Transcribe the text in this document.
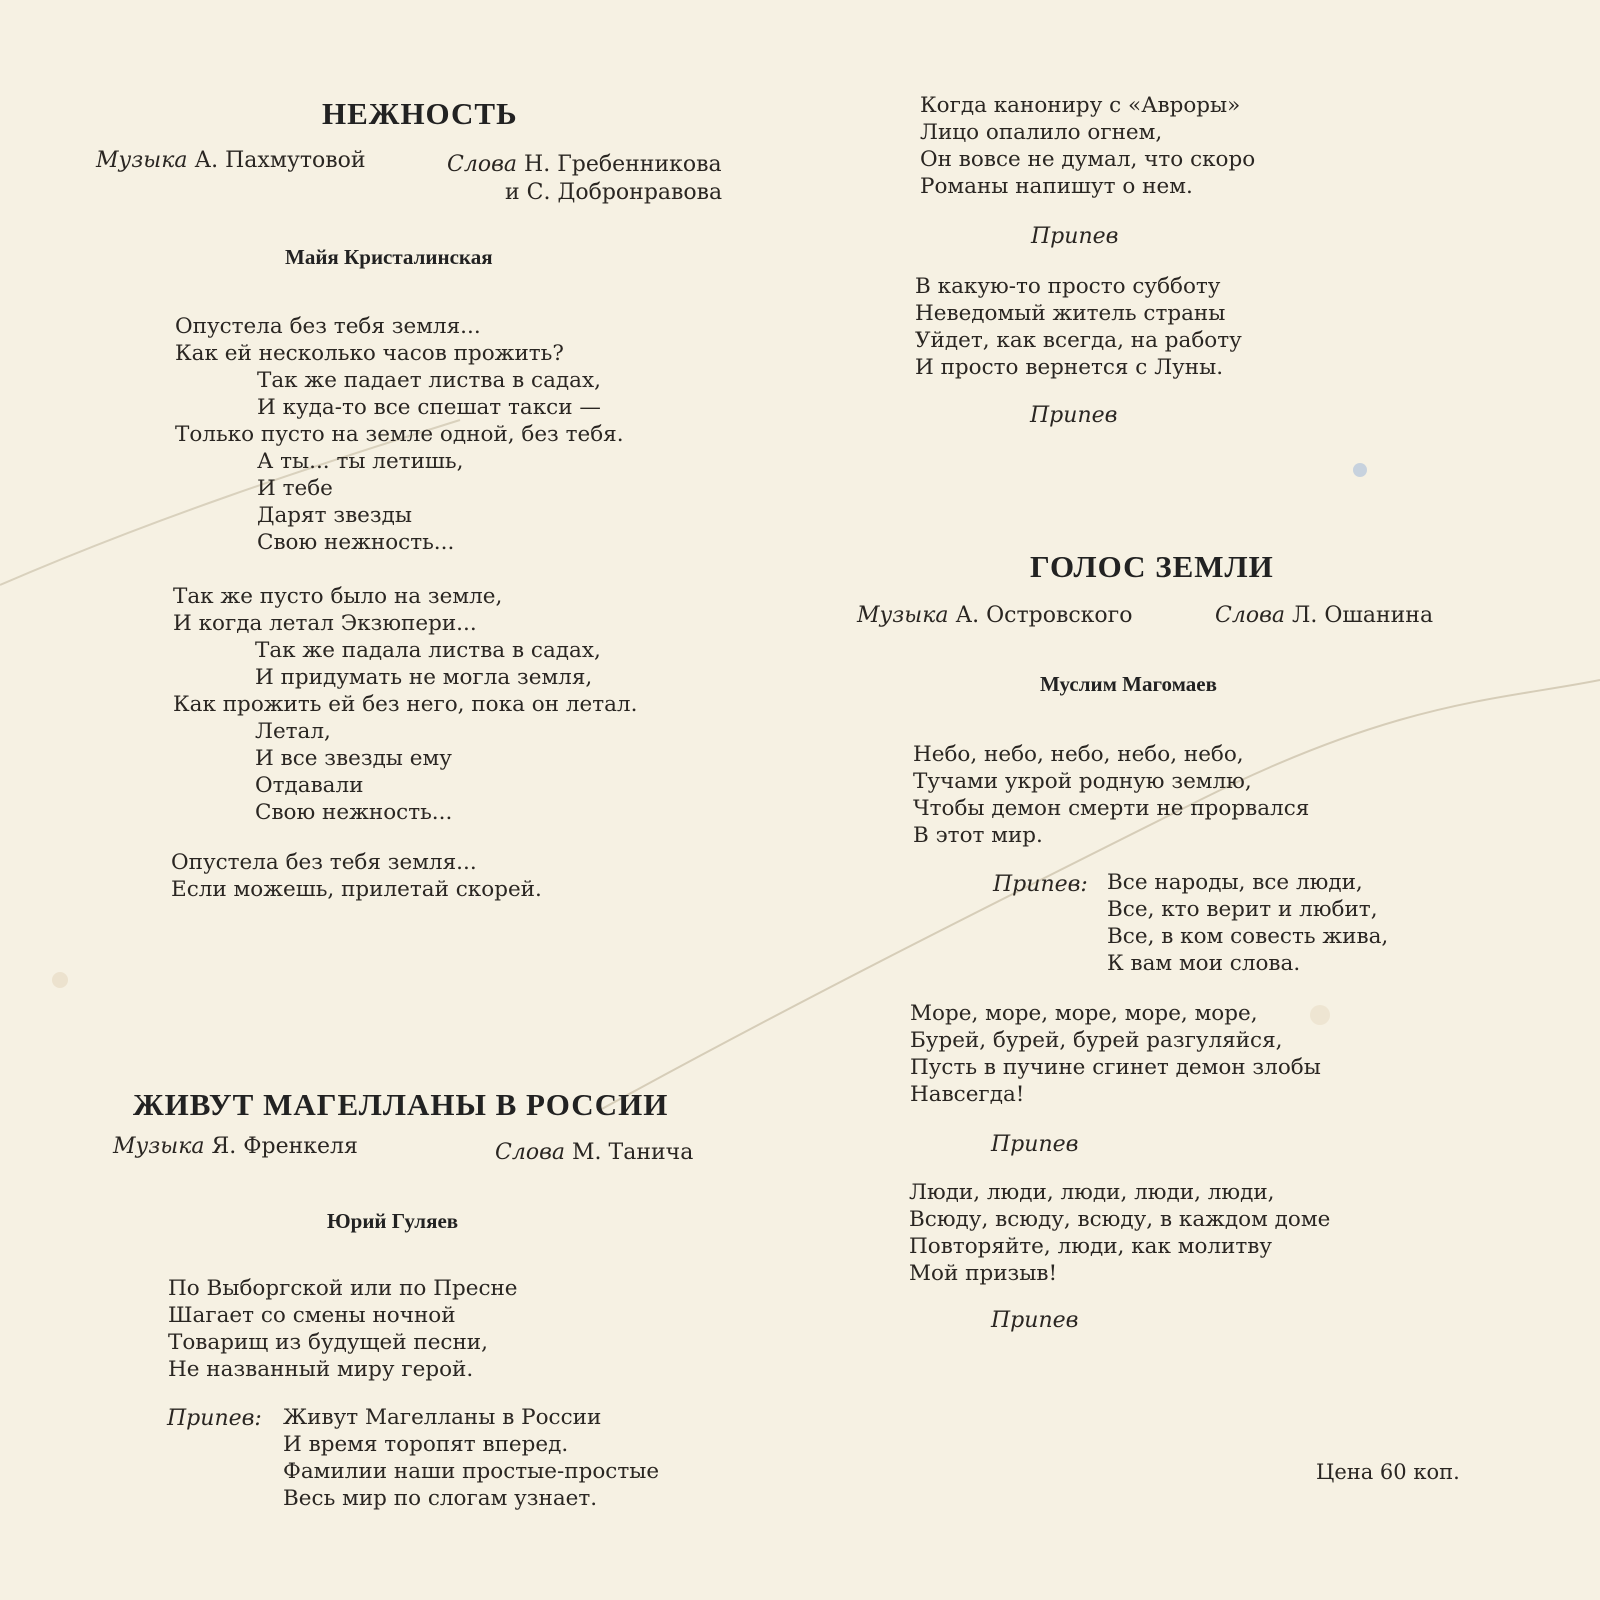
НЕЖНОСТЬ
Музыка А. Пахмутовой	Слова Н. Гребенникова
и С. Добронравова
Майя Кристалинская
Опустела без тебя земля...
Как ей несколько часов прожить?
Так же падает листва в садах,
И куда-то все спешат такси —
Только пусто на земле одной, без тебя.
А ты... ты летишь,
И тебе
Дарят звезды
Свою нежность...
Так же пусто было на земле,
И когда летал Экзюпери...
Так же падала листва в садах,
И придумать не могла земля,
Как прожить ей без него, пока он летал.
Летал,
И все звезды ему
Отдавали
Свою нежность...
Опустела без тебя земля...
Если можешь, прилетай скорей.
ЖИВУТ МАГЕЛЛАНЫ В РОССИИ
Музыка Я. Френкеля	Слова М. Танича
Юрий Гуляев
По Выборгской или по Пресне
Шагает со смены ночной
Товарищ из будущей песни,
Не названный миру герой.
Припев: Живут Магелланы в России
И время торопят вперед.
Фамилии наши простые-простые
Весь мир по слогам узнает.
Когда канониру с «Авроры»
Лицо опалило огнем,
Он вовсе не думал, что скоро
Романы напишут о нем.
Припев
В какую-то просто субботу
Неведомый житель страны
Уйдет, как всегда, на работу
И просто вернется с Луны.
Припев
ГОЛОС ЗЕМЛИ
Музыка А. Островского	Слова Л. Ошанина
Муслим Магомаев
Небо, небо, небо, небо, небо,
Тучами укрой родную землю,
Чтобы демон смерти не прорвался
В этот мир.
Припев: Все народы, все люди,
Все, кто верит и любит,
Все, в ком совесть жива,
К вам мои слова.
Море, море, море, море, море,
Бурей, бурей, бурей разгуляйся,
Пусть в пучине сгинет демон злобы
Навсегда!
Припев
Люди, люди, люди, люди, люди,
Всюду, всюду, всюду, в каждом доме
Повторяйте, люди, как молитву
Мой призыв!
Припев
Цена 60 коп.
